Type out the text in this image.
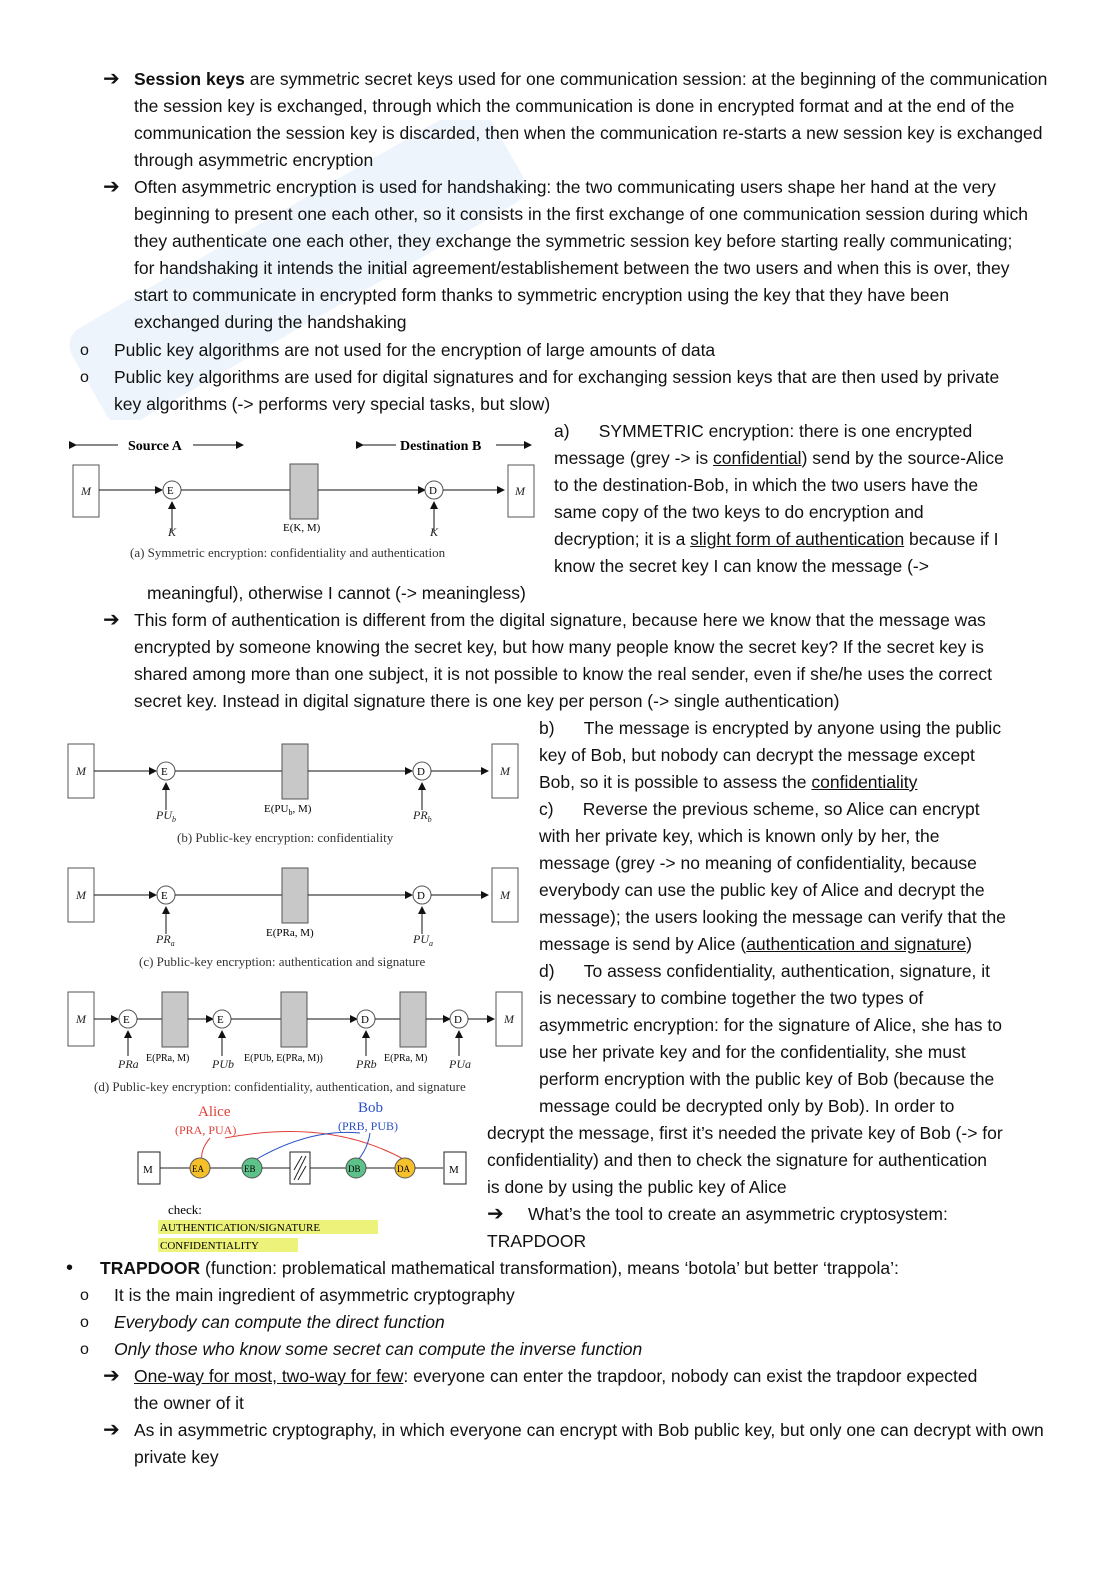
➔ Session keys are symmetric secret keys used for one communication session: at the beginning of the communication the session key is exchanged, through which the communication is done in encrypted format and at the end of the communication the session key is discarded, then when the communication re-starts a new session key is exchanged through asymmetric encryption

➔ Often asymmetric encryption is used for handshaking: the two communicating users shape her hand at the very beginning to present one each other, so it consists in the first exchange of one communication session during which they authenticate one each other, they exchange the symmetric session key before starting really communicating; for handshaking it intends the initial agreement/establishement between the two users and when this is over, they start to communicate in encrypted form thanks to symmetric encryption using the key that they have been exchanged during the handshaking

o Public key algorithms are not used for the encryption of large amounts of data

o Public key algorithms are used for digital signatures and for exchanging session keys that are then used by private key algorithms (-> performs very special tasks, but slow)

Source A	Destination B
M	E
K	E(K, M)
D
K
M
(a) Symmetric encryption: confidentiality and authentication

a)      SYMMETRIC encryption: there is one encrypted

message (grey -> is confidential) send by the source-Alice

to the destination-Bob, in which the two users have the

same copy of the two keys to do encryption and

decryption; it is a slight form of authentication because if I

know the secret key I can know the message (->

meaningful), otherwise I cannot (-> meaningless)

➔ This form of authentication is different from the digital signature, because here we know that the message was encrypted by someone knowing the secret key, but how many people know the secret key? If the secret key is shared among more than one subject, it is not possible to know the real sender, even if she/he uses the correct secret key. Instead in digital signature there is one key per person (-> single authentication)

M	E
$PU_b$
$E(PU_b$, M)
D
$PR_b$
M
(b) Public-key encryption: confidentiality
M	E
$PR_a$
E(PRa, M)
D
$PU_a$
M
(c) Public-key encryption: authentication and signature
M	E
PRa E(PRa, M)
E
PUb E(PUb, E(PRa, M))
D
PRb E(PRa, M)
D
PUa
M
(d) Public-key encryption: confidentiality, authentication, and signature
Alice
(PRA, PUA)
Bob
(PRB, PUB)
M	EA	EB	DB	DA	M
check:
AUTHENTICATION/SIGNATURE
CONFIDENTIALITY

b)      The message is encrypted by anyone using the public

key of Bob, but nobody can decrypt the message except

Bob, so it is possible to assess the confidentiality

c)      Reverse the previous scheme, so Alice can encrypt

with her private key, which is known only by her, the

message (grey -> no meaning of confidentiality, because

everybody can use the public key of Alice and decrypt the

message); the users looking the message can verify that the

message is send by Alice (authentication and signature)

d)      To assess confidentiality, authentication, signature, it

is necessary to combine together the two types of

asymmetric encryption: for the signature of Alice, she has to

use her private key and for the confidentiality, she must

perform encryption with the public key of Bob (because the

message could be decrypted only by Bob). In order to

decrypt the message, first it’s needed the private key of Bob (-> for

confidentiality) and then to check the signature for authentication

is done by using the public key of Alice

➔ What’s the tool to create an asymmetric cryptosystem:

TRAPDOOR

• TRAPDOOR (function: problematical mathematical transformation), means ‘botola’ but better ‘trappola’:

o It is the main ingredient of asymmetric cryptography

o Everybody can compute the direct function

o Only those who know some secret can compute the inverse function

➔ One-way for most, two-way for few: everyone can enter the trapdoor, nobody can exist the trapdoor expected the owner of it

➔ As in asymmetric cryptography, in which everyone can encrypt with Bob public key, but only one can decrypt with own private key
